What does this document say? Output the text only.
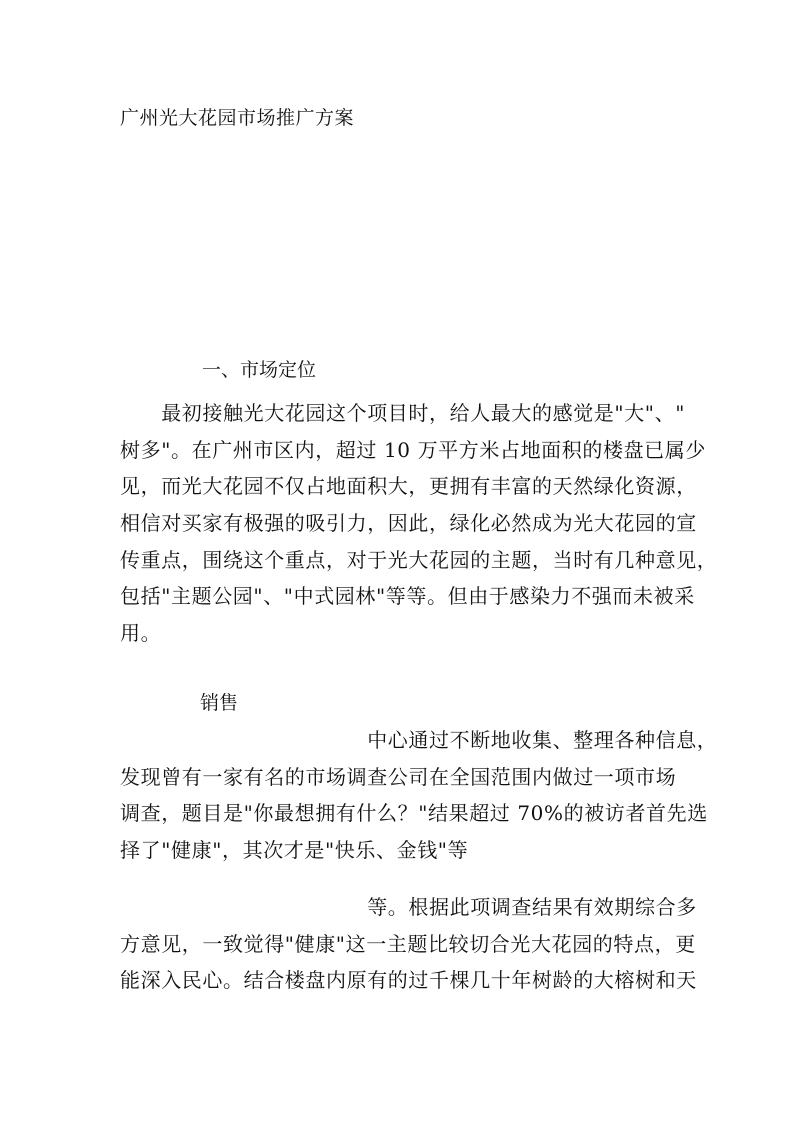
广州光大花园市场推广方案
一、市场定位
　　最初接触光大花园这个项目时，给人最大的感觉是"大"、"
树多"。在广州市区内，超过 10 万平方米占地面积的楼盘已属少
见，而光大花园不仅占地面积大，更拥有丰富的天然绿化资源，
相信对买家有极强的吸引力，因此，绿化必然成为光大花园的宣
传重点，围绕这个重点，对于光大花园的主题，当时有几种意见，
包括"主题公园"、"中式园林"等等。但由于感染力不强而未被采
用。
销售
　　　　　　　　　　　　中心通过不断地收集、整理各种信息，
发现曾有一家有名的市场调查公司在全国范围内做过一项市场
调查，题目是"你最想拥有什么？"结果超过 70%的被访者首先选
择了"健康"，其次才是"快乐、金钱"等
　　　　　　　　　　　　等。根据此项调查结果有效期综合多
方意见，一致觉得"健康"这一主题比较切合光大花园的特点，更
能深入民心。结合楼盘内原有的过千棵几十年树龄的大榕树和天
